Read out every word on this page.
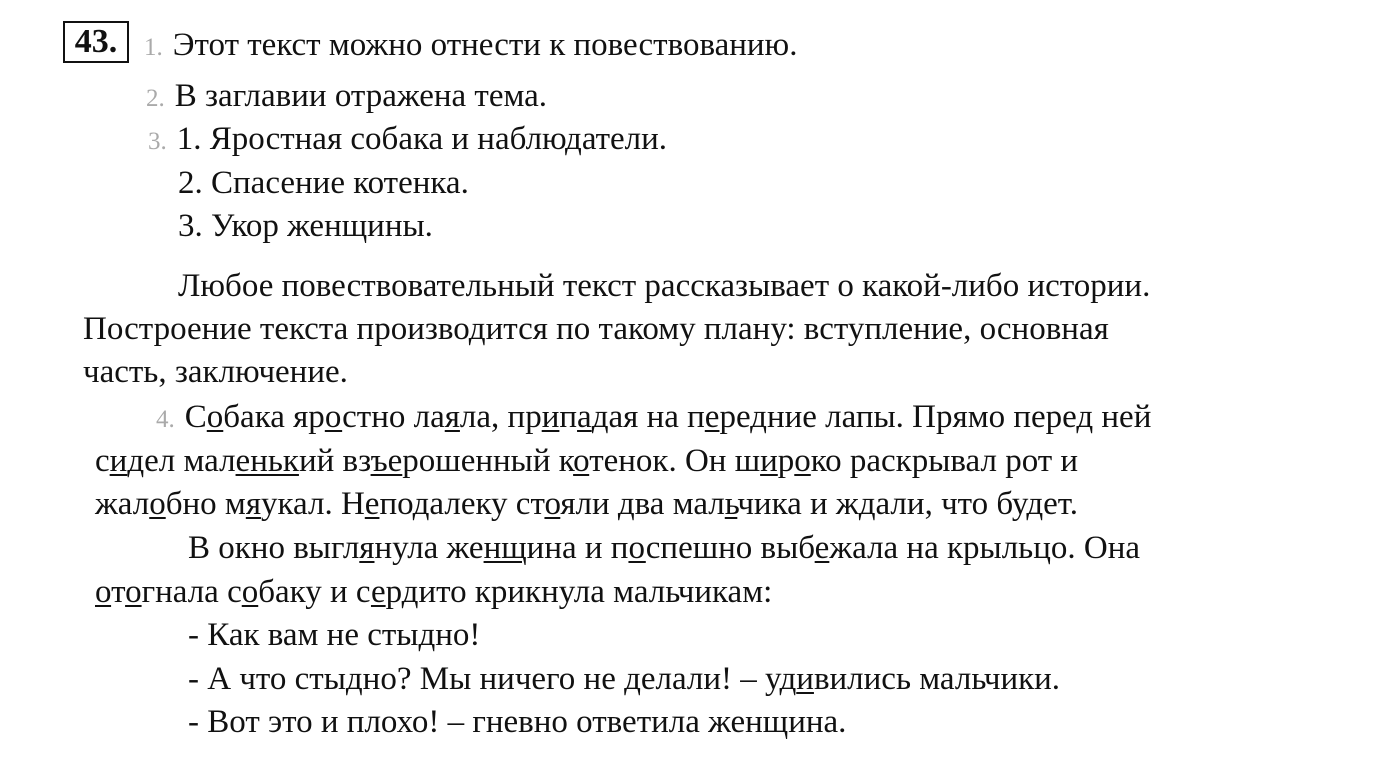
43.	1. Этот текст можно отнести к повествованию.
2. В заглавии отражена тема.
3. 1. Яростная собака и наблюдатели.
2. Спасение котенка.
3. Укор женщины.
Любое повествовательный текст рассказывает о какой-либо истории.
Построение текста производится по такому плану: вступление, основная
часть, заключение.
4. Собака яростно лаяла, припадая на передние лапы. Прямо перед ней
сидел маленький взъерошенный котенок. Он широко раскрывал рот и
жалобно мяукал. Неподалеку стояли два мальчика и ждали, что будет.
В окно выглянула женщина и поспешно выбежала на крыльцо. Она
отогнала собаку и сердито крикнула мальчикам:
- Как вам не стыдно!
- А что стыдно? Мы ничего не делали! – удивились мальчики.
- Вот это и плохо! – гневно ответила женщина.
